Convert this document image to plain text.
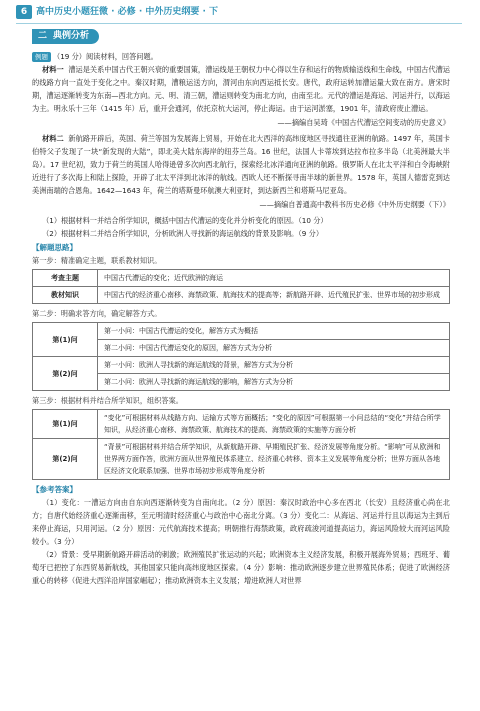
6 高中历史小题狂微 · 必修 · 中外历史纲要 · 下
二 典例分析

例题 （19 分）阅读材料，回答问题。

材料一 漕运是关系中国古代王朝兴衰的重要国策，漕运线是王朝权力中心得以生存和运行的物质输送线和生命线，中国古代漕运的线路方向一直处于变化之中。秦汉时期，漕粮运送方向，渭河由东向西运抵长安。唐代，政府运转加漕运量大致在南方。唐宋时期，漕运逐渐转变为东南—西北方向。元、明、清三朝，漕运则转变为南北方向，由南至北。元代的漕运是海运、河运并行，以海运为主。明永乐十三年（1415 年）后，重开会通河，依托京杭大运河，停止海运。由于运河淤塞，1901 年，清政府废止漕运。

——摘编自吴琦《中国古代漕运空间变动的历史意义》

材料二 新航路开辟后，英国、荷兰等国为发展海上贸易，开始在北大西洋的高纬度地区寻找通往亚洲的航路。1497 年，英国卡伯特父子发现了一块“新发现的大陆”，即北美大陆东海岸的纽芬兰岛。16 世纪，法国人卡蒂埃到达拉布拉多半岛（北美洲最大半岛）。17 世纪初，致力于荷兰的英国人哈得逊曾多次向西北航行，探索经北冰洋通向亚洲的航路。俄罗斯人在北太平洋和白令海峡附近进行了多次海上和陆上探险，开辟了北太平洋到北冰洋的航线。西欧人还不断探寻南半球的新世界。1578 年，英国人德雷克到达美洲南端的合恩角。1642—1643 年，荷兰的塔斯曼环航澳大利亚时，到达新西兰和塔斯马尼亚岛。

——摘编自普通高中教科书历史必修《中外历史纲要（下）》

（1）根据材料一并结合所学知识，概括中国古代漕运的变化并分析变化的原因。（10 分）

（2）根据材料二并结合所学知识，分析欧洲人寻找新的海运航线的背景及影响。（9 分）

【解题思路】

第一步：精准确定主题，联系教材知识。

考查主题	中国古代漕运的变化；近代欧洲的海运
教材知识	中国古代的经济重心南移、海禁政策、航海技术的提高等；新航路开辟、近代殖民扩张、世界市场的初步形成

第二步：明确求答方向，确定解答方式。

第(1)问	第一小问：中国古代漕运的变化，解答方式为概括
	第二小问：中国古代漕运变化的原因，解答方式为分析
第(2)问	第一小问：欧洲人寻找新的海运航线的背景，解答方式为分析
	第二小问：欧洲人寻找新的海运航线的影响，解答方式为分析

第三步：根据材料并结合所学知识，组织答案。

第(1)问	“变化”可根据材料从线路方向、运输方式等方面概括；“变化的原因”可根据第一小问总结的“变化”并结合所学知识，从经济重心南移、海禁政策、航海技术的提高、海禁政策的实施等方面分析
第(2)问	“背景”可根据材料并结合所学知识，从新航路开辟、早期殖民扩张、经济发展等角度分析。“影响”可从欧洲和世界两方面作答，欧洲方面从世界殖民体系建立、经济重心转移、资本主义发展等角度分析；世界方面从各地区经济文化联系加强、世界市场初步形成等角度分析
【参考答案】

（1）变化：一漕运方向由自东向西逐渐转变为自南向北。（2 分）原因：秦汉时政治中心多在西北（长安）且经济重心尚在北方；自唐代始经济重心逐渐南移，至元明清时经济重心与政治中心南北分离。（3 分）变化二：从海运、河运并行且以海运为主到后来停止海运，只用河运。（2 分）原因：元代航海技术提高；明朝推行海禁政策，政府疏浚河道提高运力，海运风险较大而河运风险较小。（3 分）

（2）背景：受早期新航路开辟活动的刺激；欧洲殖民扩张运动的兴起；欧洲资本主义经济发展，积极开展海外贸易；西班牙、葡萄牙已把控了东西贸易新航线，其他国家只能向高纬度地区探索。（4 分）影响：推动欧洲逐步建立世界殖民体系；促进了欧洲经济重心的转移（促进大西洋沿岸国家崛起）；推动欧洲资本主义发展；增进欧洲人对世界
